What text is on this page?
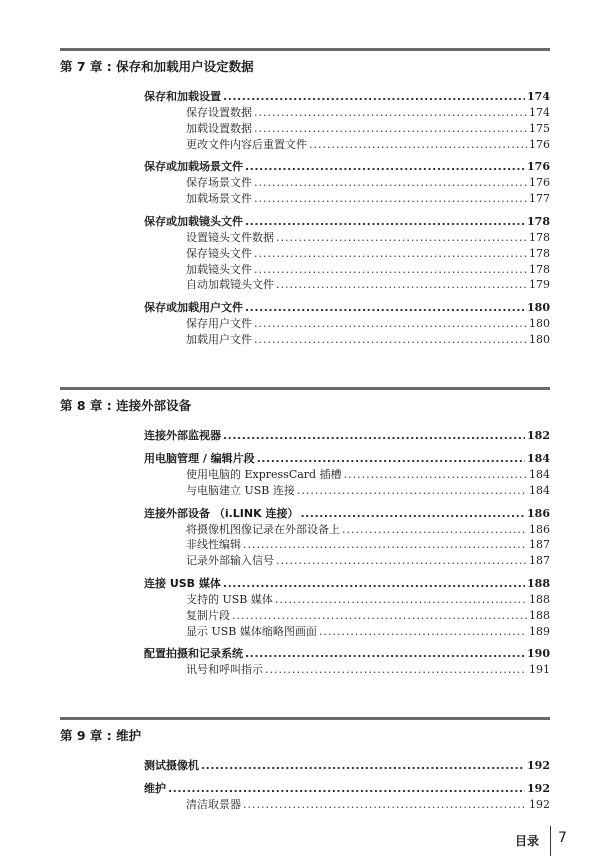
第 7 章 : 保存和加载用户设定数据
保存和加载设置 .....	174
保存设置数据 .....	174
加载设置数据 .....	175
更改文件内容后重置文件 .....	176
保存或加载场景文件 .....	176
保存场景文件 .....	176
加载场景文件 .....	177
保存或加载镜头文件 .....	178
设置镜头文件数据 .....	178
保存镜头文件 .....	178
加载镜头文件 .....	178
自动加载镜头文件 .....	179
保存或加载用户文件 .....	180
保存用户文件 .....	180
加载用户文件 .....	180
第 8 章 : 连接外部设备
连接外部监视器 .....	182
用电脑管理 / 编辑片段 .....	184
使用电脑的 ExpressCard 插槽 .....	184
与电脑建立 USB 连接 .....	184
连接外部设备 （i.LINK 连接） .....	186
将摄像机图像记录在外部设备上 .....	186
非线性编辑 .....	187
记录外部输入信号 .....	187
连接 USB 媒体 .....	188
支持的 USB 媒体 .....	188
复制片段 .....	188
显示 USB 媒体缩略图画面 .....	189
配置拍摄和记录系统 .....	190
讯号和呼叫指示 .....	191
第 9 章 : 维护
测试摄像机 .....	192
维护 .....	192
清洁取景器 .....	192
目录 7
